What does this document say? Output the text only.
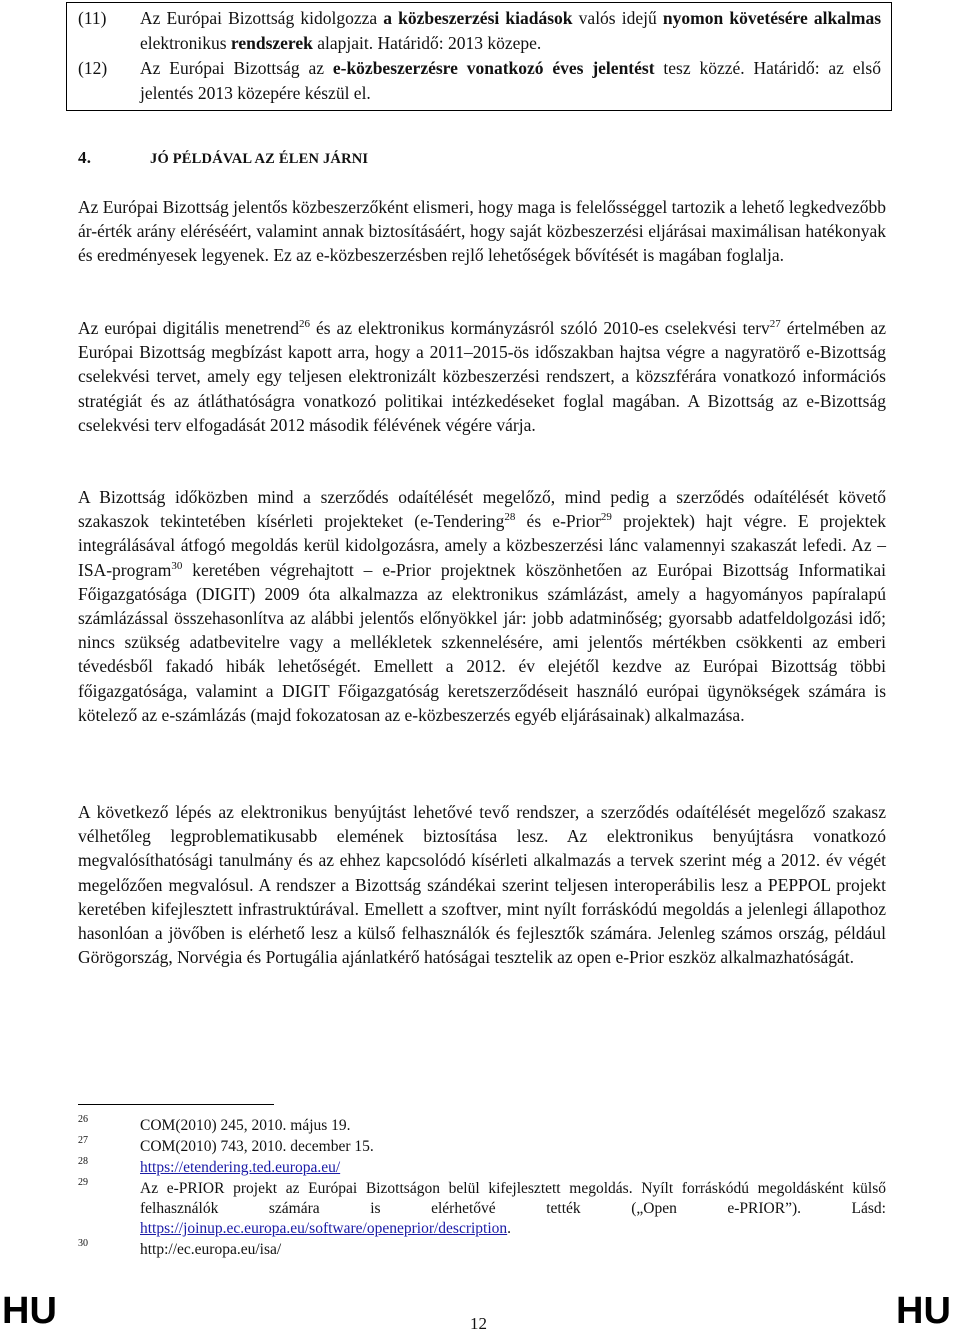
(11)	Az Európai Bizottság kidolgozza a közbeszerzési kiadások valós idejű nyomon követésére alkalmas elektronikus rendszerek alapjait. Határidő: 2013 közepe.
(12)	Az Európai Bizottság az e-közbeszerzésre vonatkozó éves jelentést tesz közzé. Határidő: az első jelentés 2013 közepére készül el.
4.	JÓ PÉLDÁVAL AZ ÉLEN JÁRNI
Az Európai Bizottság jelentős közbeszerzőként elismeri, hogy maga is felelősséggel tartozik a lehető legkedvezőbb ár-érték arány eléréséért, valamint annak biztosításáért, hogy saját közbeszerzési eljárásai maximálisan hatékonyak és eredményesek legyenek. Ez az e-közbeszerzésben rejlő lehetőségek bővítését is magában foglalja.
Az európai digitális menetrend$^{26}$ és az elektronikus kormányzásról szóló 2010-es cselekvési terv$^{27}$ értelmében az Európai Bizottság megbízást kapott arra, hogy a 2011–2015-ös időszakban hajtsa végre a nagyratörő e-Bizottság cselekvési tervet, amely egy teljesen elektronizált közbeszerzési rendszert, a közszférára vonatkozó információs stratégiát és az átláthatóságra vonatkozó politikai intézkedéseket foglal magában. A Bizottság az e-Bizottság cselekvési terv elfogadását 2012 második félévének végére várja.
A Bizottság időközben mind a szerződés odaítélését megelőző, mind pedig a szerződés odaítélését követő szakaszok tekintetében kísérleti projekteket (e-Tendering$^{28}$ és e-Prior$^{29}$ projektek) hajt végre. E projektek integrálásával átfogó megoldás kerül kidolgozásra, amely a közbeszerzési lánc valamennyi szakaszát lefedi. Az – ISA-program$^{30}$ keretében végrehajtott – e-Prior projektnek köszönhetően az Európai Bizottság Informatikai Főigazgatósága (DIGIT) 2009 óta alkalmazza az elektronikus számlázást, amely a hagyományos papíralapú számlázással összehasonlítva az alábbi jelentős előnyökkel jár: jobb adatminőség; gyorsabb adatfeldolgozási idő; nincs szükség adatbevitelre vagy a mellékletek szkennelésére, ami jelentős mértékben csökkenti az emberi tévedésből fakadó hibák lehetőségét. Emellett a 2012. év elejétől kezdve az Európai Bizottság többi főigazgatósága, valamint a DIGIT Főigazgatóság keretszerződéseit használó európai ügynökségek számára is kötelező az e-számlázás (majd fokozatosan az e-közbeszerzés egyéb eljárásainak) alkalmazása.
A következő lépés az elektronikus benyújtást lehetővé tevő rendszer, a szerződés odaítélését megelőző szakasz vélhetőleg legproblematikusabb elemének biztosítása lesz. Az elektronikus benyújtásra vonatkozó megvalósíthatósági tanulmány és az ehhez kapcsolódó kísérleti alkalmazás a tervek szerint még a 2012. év végét megelőzően megvalósul. A rendszer a Bizottság szándékai szerint teljesen interoperábilis lesz a PEPPOL projekt keretében kifejlesztett infrastruktúrával. Emellett a szoftver, mint nyílt forráskódú megoldás a jelenlegi állapothoz hasonlóan a jövőben is elérhető lesz a külső felhasználók és fejlesztők számára. Jelenleg számos ország, például Görögország, Norvégia és Portugália ajánlatkérő hatóságai tesztelik az open e-Prior eszköz alkalmazhatóságát.
26	COM(2010) 245, 2010. május 19.
27	COM(2010) 743, 2010. december 15.
28	https://etendering.ted.europa.eu/
29	Az e-PRIOR projekt az Európai Bizottságon belül kifejlesztett megoldás. Nyílt forráskódú megoldásként külső felhasználók számára is elérhetővé tették („Open e-PRIOR”). Lásd: https://joinup.ec.europa.eu/software/openeprior/description.
30	http://ec.europa.eu/isa/
HU	12	HU
